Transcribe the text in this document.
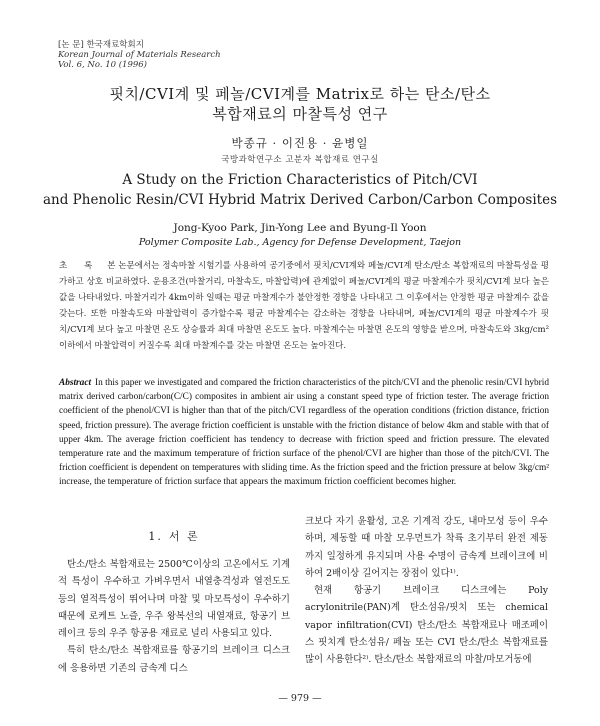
[논 문] 한국재료학회지
Korean Journal of Materials Research
Vol. 6, No. 10 (1996)
핏치/CVI계 및 페놀/CVI계를 Matrix로 하는 탄소/탄소
복합재료의 마찰특성 연구
박종규 · 이진용 · 윤병일
국방과학연구소 고분자 복합재료 연구실
A Study on the Friction Characteristics of Pitch/CVI
and Phenolic Resin/CVI Hybrid Matrix Derived Carbon/Carbon Composites
Jong-Kyoo Park, Jin-Yong Lee and Byung-Il Yoon
Polymer Composite Lab., Agency for Defense Development, Taejon
초 록 본 논문에서는 정속마찰 시험기를 사용하여 공기중에서 핏치/CVI계와 페놀/CVI계 탄소/탄소 복합재료의 마찰특성을 평가하고 상호 비교하였다. 운용조건(마찰거리, 마찰속도, 마찰압력)에 관계없이 페놀/CVI계의 평균 마찰계수가 핏치/CVI계 보다 높은 값을 나타내었다. 마찰거리가 4km이하 일때는 평균 마찰계수가 불안정한 경향을 나타내고 그 이후에서는 안정한 평균 마찰계수 값을 갖는다. 또한 마찰속도와 마찰압력이 증가할수록 평균 마찰계수는 감소하는 경향을 나타내며, 페놀/CVI계의 평균 마찰계수가 핏치/CVI계 보다 높고 마찰면 온도 상승률과 최대 마찰면 온도도 높다. 마찰계수는 마찰면 온도의 영향을 받으며, 마찰속도와 3kg/cm²이하에서 마찰압력이 커질수록 최대 마찰계수를 갖는 마찰면 온도는 높아진다.
Abstract In this paper we investigated and compared the friction characteristics of the pitch/CVI and the phenolic resin/CVI hybrid matrix derived carbon/carbon(C/C) composites in ambient air using a constant speed type of friction tester. The average friction coefficient of the phenol/CVI is higher than that of the pitch/CVI regardless of the operation conditions (friction distance, friction speed, friction pressure). The average friction coefficient is unstable with the friction distance of below 4km and stable with that of upper 4km. The average friction coefficient has tendency to decrease with friction speed and friction pressure. The elevated temperature rate and the maximum temperature of friction surface of the phenol/CVI are higher than those of the pitch/CVI. The friction coefficient is dependent on temperatures with sliding time. As the friction speed and the friction pressure at below 3kg/cm² increase, the temperature of friction surface that appears the maximum friction coefficient becomes higher.
1. 서 론

탄소/탄소 복합재료는 2500℃이상의 고온에서도 기계적 특성이 우수하고 가벼우면서 내열충격성과 열전도도 등의 열적특성이 뛰어나며 마찰 및 마모특성이 우수하기 때문에 로케트 노즐, 우주 왕복선의 내열재료, 항공기 브레이크 등의 우주 항공용 재료로 널리 사용되고 있다.

특히 탄소/탄소 복합재료를 항공기의 브레이크 디스크에 응용하면 기존의 금속계 디스

크보다 자기 윤활성, 고온 기계적 강도, 내마모성 등이 우수하며, 제동할 때 마찰 모우먼트가 착륙 초기부터 완전 제동까지 일정하게 유지되며 사용 수명이 금속계 브레이크에 비하여 2배이상 길어지는 장점이 있다¹⁾.

현재 항공기 브레이크 디스크에는 Poly acrylonitrile(PAN)계 탄소섬유/핏치 또는 chemical vapor infiltration(CVI) 탄소/탄소 복합재료나 매조페이스 핏치계 탄소섬유/ 페놀 또는 CVI 탄소/탄소 복합재료를 많이 사용한다²⁾. 탄소/탄소 복합재료의 마찰/마모거동에

— 979 —
